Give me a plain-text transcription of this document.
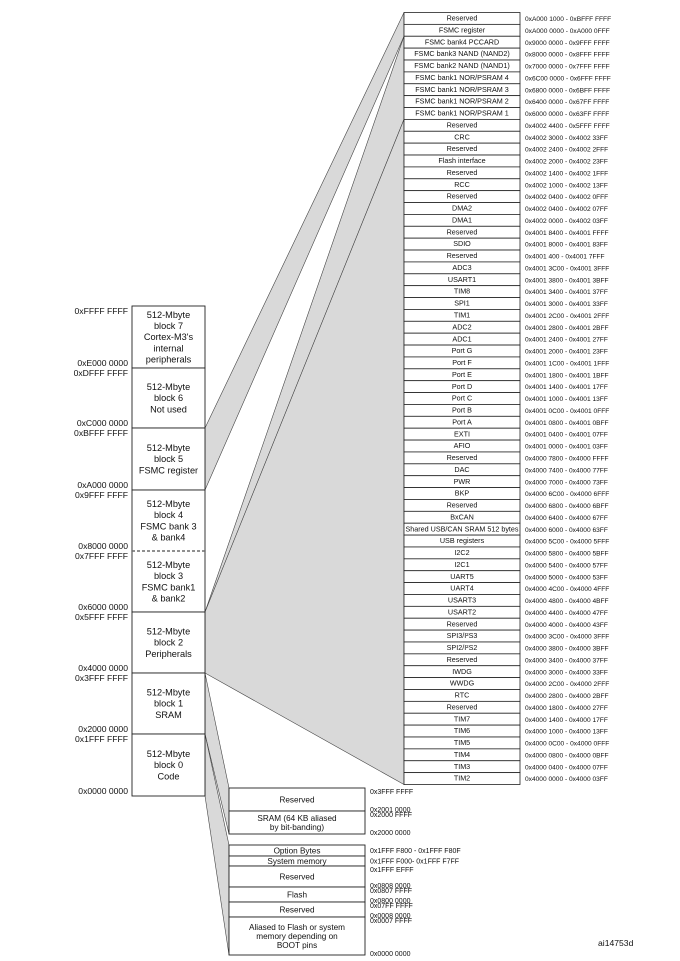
Reserved	0xA000 1000 - 0xBFFF FFFF
FSMC register	0xA000 0000 - 0xA000 0FFF
FSMC bank4 PCCARD	0x9000 0000 - 0x9FFF FFFF
FSMC bank3 NAND (NAND2) 0x8000 0000 - 0x8FFF FFFF
FSMC bank2 NAND (NAND1) 0x7000 0000 - 0x7FFF FFFF
FSMC bank1 NOR/PSRAM 4 0x6C00 0000 - 0x6FFF FFFF
FSMC bank1 NOR/PSRAM 3 0x6800 0000 - 0x6BFF FFFF
FSMC bank1 NOR/PSRAM 2 0x6400 0000 - 0x67FF FFFF
FSMC bank1 NOR/PSRAM 1 0x6000 0000 - 0x63FF FFFF
Reserved	0x4002 4400 - 0x5FFF FFFF
CRC	0x4002 3000 - 0x4002 33FF
Reserved	0x4002 2400 - 0x4002 2FFF
Flash interface	0x4002 2000 - 0x4002 23FF
Reserved	0x4002 1400 - 0x4002 1FFF
RCC	0x4002 1000 - 0x4002 13FF
Reserved	0x4002 0400 - 0x4002 0FFF
DMA2	0x4002 0400 - 0x4002 07FF
DMA1	0x4002 0000 - 0x4002 03FF
Reserved	0x4001 8400 - 0x4001 FFFF
SDIO	0x4001 8000 - 0x4001 83FF
Reserved	0x4001 400 - 0x4001 7FFF
ADC3	0x4001 3C00 - 0x4001 3FFF
USART1	0x4001 3800 - 0x4001 3BFF
TIM8	0x4001 3400 - 0x4001 37FF
SPI1	0x4001 3000 - 0x4001 33FF
TIM1	0x4001 2C00 - 0x4001 2FFF
ADC2	0x4001 2800 - 0x4001 2BFF
ADC1	0x4001 2400 - 0x4001 27FF
Port G	0x4001 2000 - 0x4001 23FF
Port F	0x4001 1C00 - 0x4001 1FFF
Port E	0x4001 1800 - 0x4001 1BFF
Port D	0x4001 1400 - 0x4001 17FF
Port C	0x4001 1000 - 0x4001 13FF
Port B	0x4001 0C00 - 0x4001 0FFF
Port A	0x4001 0800 - 0x4001 0BFF
EXTI	0x4001 0400 - 0x4001 07FF
AFIO	0x4001 0000 - 0x4001 03FF
Reserved	0x4000 7800 - 0x4000 FFFF
DAC	0x4000 7400 - 0x4000 77FF
PWR	0x4000 7000 - 0x4000 73FF
BKP	0x4000 6C00 - 0x4000 6FFF
Reserved	0x4000 6800 - 0x4000 6BFF
BxCAN	0x4000 6400 - 0x4000 67FF
Shared USB/CAN SRAM 512 bytes 0x4000 6000 - 0x4000 63FF
USB registers	0x4000 5C00 - 0x4000 5FFF
I2C2	0x4000 5800 - 0x4000 5BFF
I2C1	0x4000 5400 - 0x4000 57FF
UART5	0x4000 5000 - 0x4000 53FF
UART4	0x4000 4C00 - 0x4000 4FFF
USART3	0x4000 4800 - 0x4000 4BFF
USART2	0x4000 4400 - 0x4000 47FF
Reserved	0x4000 4000 - 0x4000 43FF
SPI3/I²S3	0x4000 3C00 - 0x4000 3FFF
SPI2/I²S2	0x4000 3800 - 0x4000 3BFF
Reserved	0x4000 3400 - 0x4000 37FF
IWDG	0x4000 3000 - 0x4000 33FF
WWDG	0x4000 2C00 - 0x4000 2FFF
RTC	0x4000 2800 - 0x4000 2BFF
Reserved	0x4000 1800 - 0x4000 27FF
TIM7	0x4000 1400 - 0x4000 17FF
TIM6	0x4000 1000 - 0x4000 13FF
TIM5	0x4000 0C00 - 0x4000 0FFF
TIM4	0x4000 0800 - 0x4000 0BFF
TIM3	0x4000 0400 - 0x4000 07FF
TIM2	0x4000 0000 - 0x4000 03FF
512-Mbyte
block 7
Cortex-M3's
internal
peripherals
0xFFFF FFFF
0xE000 0000
512-Mbyte
block 6
Not used
0xDFFF FFFF
0xC000 0000
512-Mbyte
block 5
FSMC register
0xBFFF FFFF
0xA000 0000
512-Mbyte
block 4
FSMC bank 3
& bank4
0x9FFF FFFF
0x8000 0000
512-Mbyte
block 3
FSMC bank1
& bank2
0x7FFF FFFF
0x6000 0000
512-Mbyte
block 2
Peripherals
0x5FFF FFFF
0x4000 0000
512-Mbyte
block 1
SRAM
0x3FFF FFFF
0x2000 0000
512-Mbyte
block 0
Code
0x1FFF FFFF
0x0000 0000
Reserved
0x3FFF FFFF
0x2001 0000
SRAM (64 KB aliased
by bit-banding)
0x2000 FFFF
0x2000 0000
Option Bytes	0x1FFF F800 - 0x1FFF F80F
System memory	0x1FFF F000- 0x1FFF F7FF
Reserved
0x1FFF EFFF
0x0808 0000
Flash	0x0807 FFFF
0x0800 0000
Reserved	0x07FF FFFF
0x0008 0000
Aliased to Flash or system
memory depending on
BOOT pins
0x0007 FFFF
0x0000 0000
ai14753d
